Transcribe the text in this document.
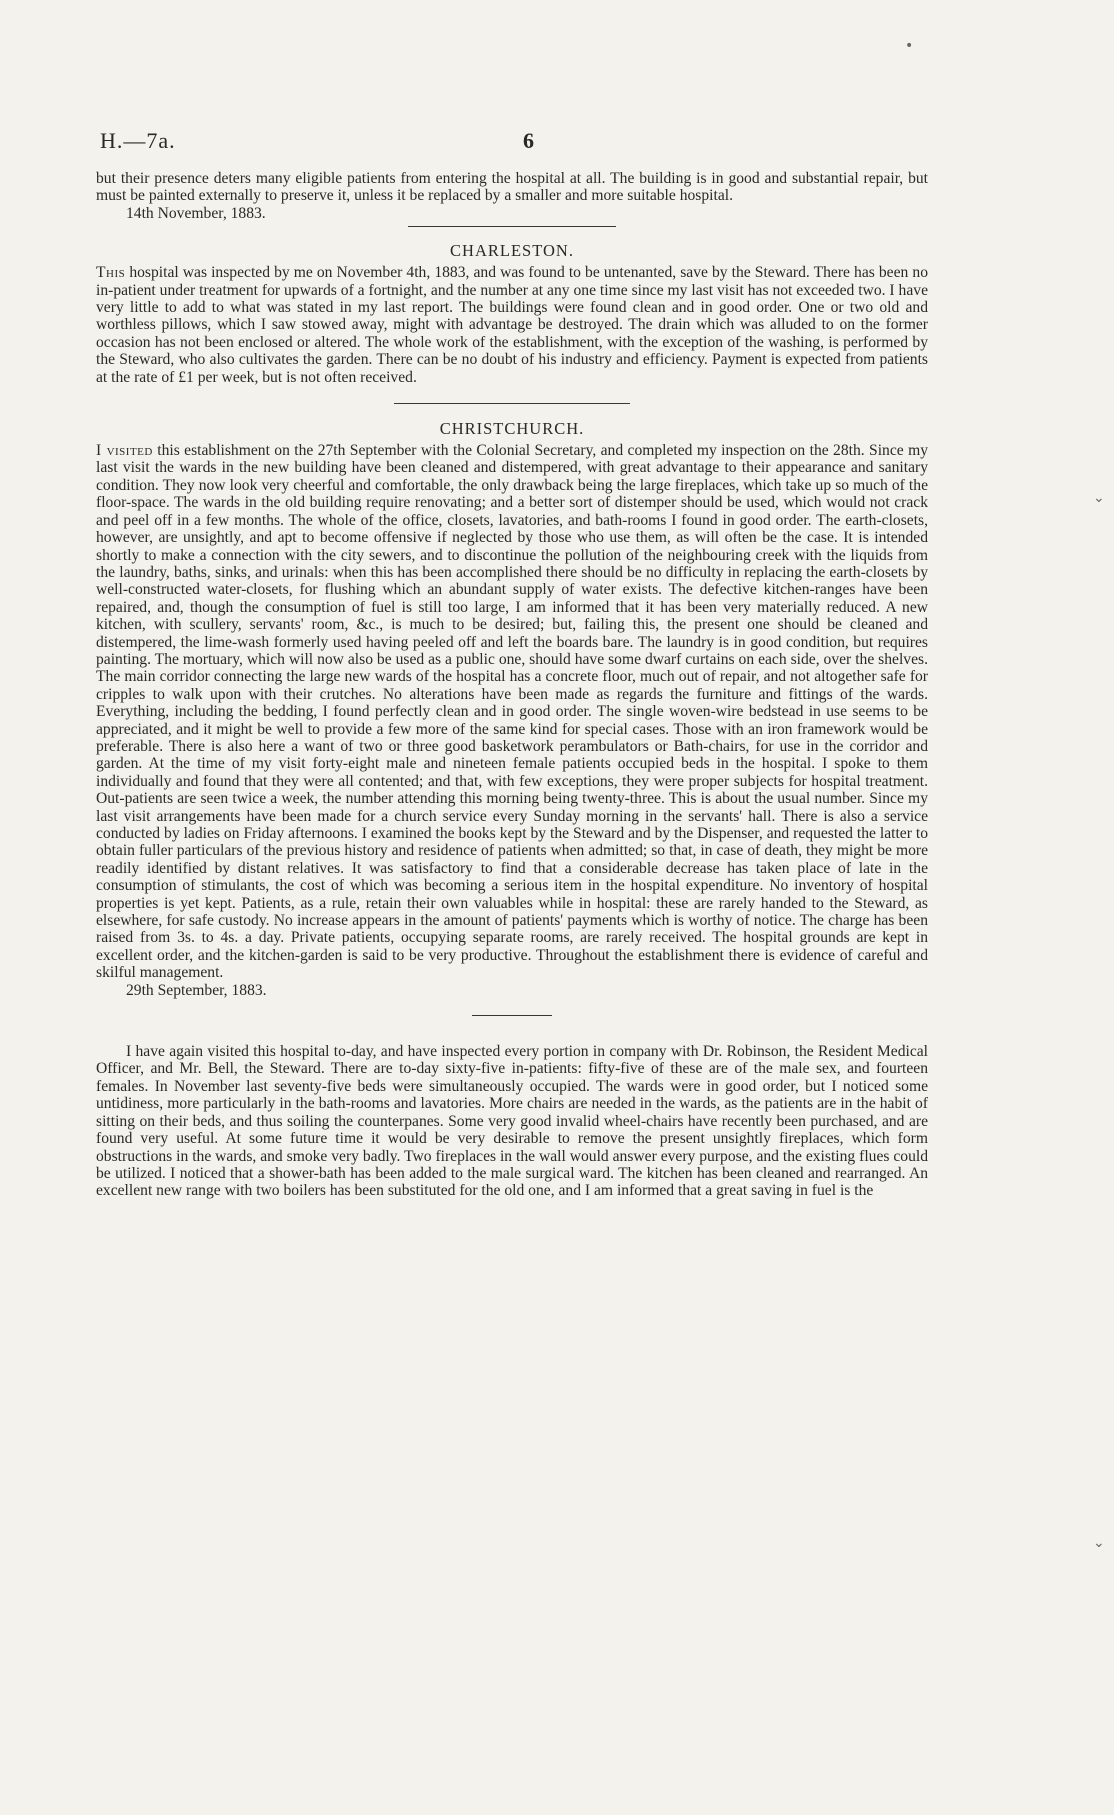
H.—7a.	6

but their presence deters many eligible patients from entering the hospital at all. The building is in good and substantial repair, but must be painted externally to preserve it, unless it be replaced by a smaller and more suitable hospital.

14th November, 1883.

CHARLESTON.

This hospital was inspected by me on November 4th, 1883, and was found to be untenanted, save by the Steward. There has been no in-patient under treatment for upwards of a fortnight, and the number at any one time since my last visit has not exceeded two. I have very little to add to what was stated in my last report. The buildings were found clean and in good order. One or two old and worthless pillows, which I saw stowed away, might with advantage be destroyed. The drain which was alluded to on the former occasion has not been enclosed or altered. The whole work of the establishment, with the exception of the washing, is performed by the Steward, who also cultivates the garden. There can be no doubt of his industry and efficiency. Payment is expected from patients at the rate of £1 per week, but is not often received.

CHRISTCHURCH.

I visited this establishment on the 27th September with the Colonial Secretary, and completed my inspection on the 28th. Since my last visit the wards in the new building have been cleaned and distempered, with great advantage to their appearance and sanitary condition. They now look very cheerful and comfortable, the only drawback being the large fireplaces, which take up so much of the floor-space. The wards in the old building require renovating; and a better sort of distemper should be used, which would not crack and peel off in a few months. The whole of the office, closets, lavatories, and bath-rooms I found in good order. The earth-closets, however, are unsightly, and apt to become offensive if neglected by those who use them, as will often be the case. It is intended shortly to make a connection with the city sewers, and to discontinue the pollution of the neighbouring creek with the liquids from the laundry, baths, sinks, and urinals: when this has been accomplished there should be no difficulty in replacing the earth-closets by well-constructed water-closets, for flushing which an abundant supply of water exists. The defective kitchen-ranges have been repaired, and, though the consumption of fuel is still too large, I am informed that it has been very materially reduced. A new kitchen, with scullery, servants' room, &c., is much to be desired; but, failing this, the present one should be cleaned and distempered, the lime-wash formerly used having peeled off and left the boards bare. The laundry is in good condition, but requires painting. The mortuary, which will now also be used as a public one, should have some dwarf curtains on each side, over the shelves. The main corridor connecting the large new wards of the hospital has a concrete floor, much out of repair, and not altogether safe for cripples to walk upon with their crutches. No alterations have been made as regards the furniture and fittings of the wards. Everything, including the bedding, I found perfectly clean and in good order. The single woven-wire bedstead in use seems to be appreciated, and it might be well to provide a few more of the same kind for special cases. Those with an iron framework would be preferable. There is also here a want of two or three good basketwork perambulators or Bath-chairs, for use in the corridor and garden. At the time of my visit forty-eight male and nineteen female patients occupied beds in the hospital. I spoke to them individually and found that they were all contented; and that, with few exceptions, they were proper subjects for hospital treatment. Out-patients are seen twice a week, the number attending this morning being twenty-three. This is about the usual number. Since my last visit arrangements have been made for a church service every Sunday morning in the servants' hall. There is also a service conducted by ladies on Friday afternoons. I examined the books kept by the Steward and by the Dispenser, and requested the latter to obtain fuller particulars of the previous history and residence of patients when admitted; so that, in case of death, they might be more readily identified by distant relatives. It was satisfactory to find that a considerable decrease has taken place of late in the consumption of stimulants, the cost of which was becoming a serious item in the hospital expenditure. No inventory of hospital properties is yet kept. Patients, as a rule, retain their own valuables while in hospital: these are rarely handed to the Steward, as elsewhere, for safe custody. No increase appears in the amount of patients' payments which is worthy of notice. The charge has been raised from 3s. to 4s. a day. Private patients, occupying separate rooms, are rarely received. The hospital grounds are kept in excellent order, and the kitchen-garden is said to be very productive. Throughout the establishment there is evidence of careful and skilful management.

29th September, 1883.

I have again visited this hospital to-day, and have inspected every portion in company with Dr. Robinson, the Resident Medical Officer, and Mr. Bell, the Steward. There are to-day sixty-five in-patients: fifty-five of these are of the male sex, and fourteen females. In November last seventy-five beds were simultaneously occupied. The wards were in good order, but I noticed some untidiness, more particularly in the bath-rooms and lavatories. More chairs are needed in the wards, as the patients are in the habit of sitting on their beds, and thus soiling the counterpanes. Some very good invalid wheel-chairs have recently been purchased, and are found very useful. At some future time it would be very desirable to remove the present unsightly fireplaces, which form obstructions in the wards, and smoke very badly. Two fireplaces in the wall would answer every purpose, and the existing flues could be utilized. I noticed that a shower-bath has been added to the male surgical ward. The kitchen has been cleaned and rearranged. An excellent new range with two boilers has been substituted for the old one, and I am informed that a great saving in fuel is the

•
⌄
⌄
